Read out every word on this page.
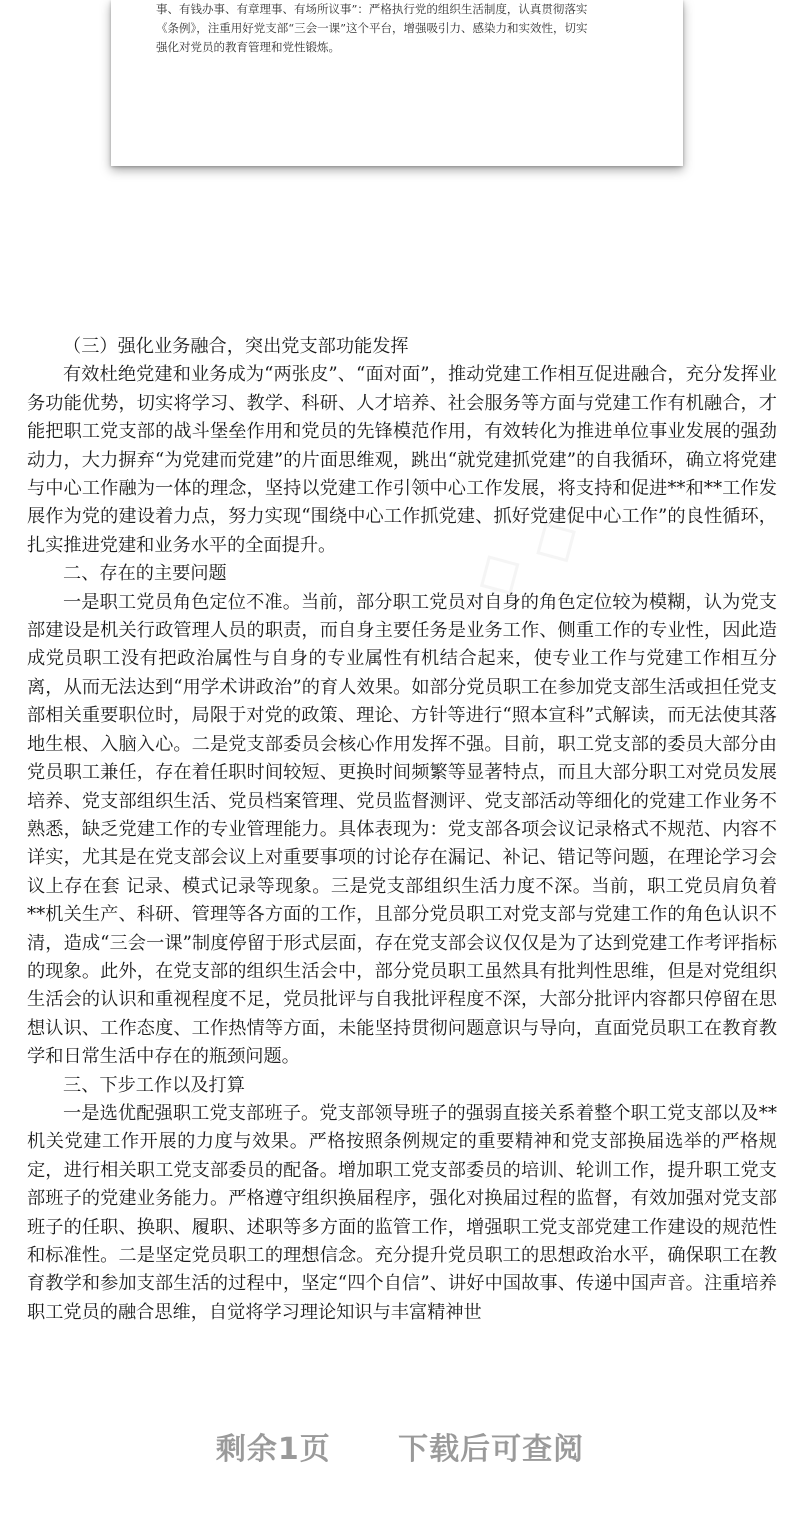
事、有钱办事、有章理事、有场所议事”：严格执行党的组织生活制度，认真贯彻落实

《条例》，注重用好党支部“三会一课”这个平台，增强吸引力、感染力和实效性，切实

强化对党员的教育管理和党性锻炼。

（三）强化业务融合，突出党支部功能发挥

有效杜绝党建和业务成为“两张皮”、“面对面”，推动党建工作相互促进融合，充分发挥业务功能优势，切实将学习、教学、科研、人才培养、社会服务等方面与党建工作有机融合，才能把职工党支部的战斗堡垒作用和党员的先锋模范作用，有效转化为推进单位事业发展的强劲动力，大力摒弃“为党建而党建”的片面思维观，跳出“就党建抓党建”的自我循环，确立将党建与中心工作融为一体的理念，坚持以党建工作引领中心工作发展，将支持和促进**和**工作发展作为党的建设着力点，努力实现“围绕中心工作抓党建、抓好党建促中心工作”的良性循环，扎实推进党建和业务水平的全面提升。

二、存在的主要问题

一是职工党员角色定位不准。当前，部分职工党员对自身的角色定位较为模糊，认为党支部建设是机关行政管理人员的职责，而自身主要任务是业务工作、侧重工作的专业性，因此造成党员职工没有把政治属性与自身的专业属性有机结合起来，使专业工作与党建工作相互分离，从而无法达到“用学术讲政治”的育人效果。如部分党员职工在参加党支部生活或担任党支部相关重要职位时，局限于对党的政策、理论、方针等进行“照本宣科”式解读，而无法使其落地生根、入脑入心。二是党支部委员会核心作用发挥不强。目前，职工党支部的委员大部分由党员职工兼任，存在着任职时间较短、更换时间频繁等显著特点，而且大部分职工对党员发展培养、党支部组织生活、党员档案管理、党员监督测评、党支部活动等细化的党建工作业务不熟悉，缺乏党建工作的专业管理能力。具体表现为：党支部各项会议记录格式不规范、内容不详实，尤其是在党支部会议上对重要事项的讨论存在漏记、补记、错记等问题，在理论学习会议上存在套 记录、模式记录等现象。三是党支部组织生活力度不深。当前，职工党员肩负着**机关生产、科研、管理等各方面的工作，且部分党员职工对党支部与党建工作的角色认识不清，造成“三会一课”制度停留于形式层面，存在党支部会议仅仅是为了达到党建工作考评指标的现象。此外，在党支部的组织生活会中，部分党员职工虽然具有批判性思维，但是对党组织生活会的认识和重视程度不足，党员批评与自我批评程度不深，大部分批评内容都只停留在思想认识、工作态度、工作热情等方面，未能坚持贯彻问题意识与导向，直面党员职工在教育教学和日常生活中存在的瓶颈问题。

三、下步工作以及打算

一是选优配强职工党支部班子。党支部领导班子的强弱直接关系着整个职工党支部以及**机关党建工作开展的力度与效果。严格按照条例规定的重要精神和党支部换届选举的严格规定，进行相关职工党支部委员的配备。增加职工党支部委员的培训、轮训工作，提升职工党支部班子的党建业务能力。严格遵守组织换届程序，强化对换届过程的监督，有效加强对党支部班子的任职、换职、履职、述职等多方面的监管工作，增强职工党支部党建工作建设的规范性和标准性。二是坚定党员职工的理想信念。充分提升党员职工的思想政治水平，确保职工在教育教学和参加支部生活的过程中，坚定“四个自信”、讲好中国故事、传递中国声音。注重培养职工党员的融合思维，自觉将学习理论知识与丰富精神世

剩余1页 下载后可查阅
